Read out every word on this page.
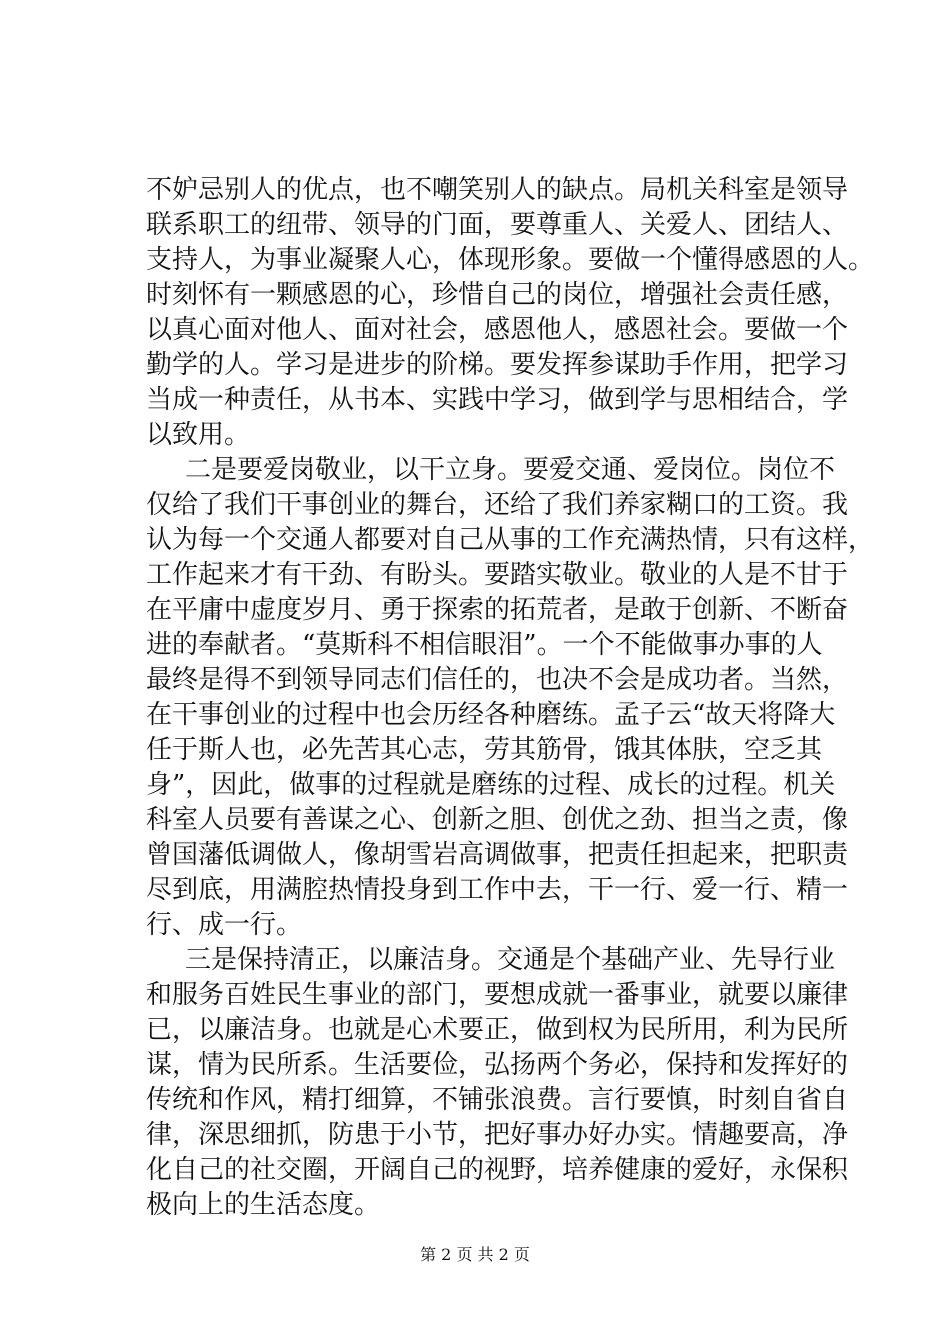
不妒忌别人的优点，也不嘲笑别人的缺点。局机关科室是领导
联系职工的纽带、领导的门面，要尊重人、关爱人、团结人、
支持人，为事业凝聚人心，体现形象。要做一个懂得感恩的人。
时刻怀有一颗感恩的心，珍惜自己的岗位，增强社会责任感，
以真心面对他人、面对社会，感恩他人，感恩社会。要做一个
勤学的人。学习是进步的阶梯。要发挥参谋助手作用，把学习
当成一种责任，从书本、实践中学习，做到学与思相结合，学
以致用。
二是要爱岗敬业，以干立身。要爱交通、爱岗位。岗位不
仅给了我们干事创业的舞台，还给了我们养家糊口的工资。我
认为每一个交通人都要对自己从事的工作充满热情，只有这样，
工作起来才有干劲、有盼头。要踏实敬业。敬业的人是不甘于
在平庸中虚度岁月、勇于探索的拓荒者，是敢于创新、不断奋
进的奉献者。“莫斯科不相信眼泪”。一个不能做事办事的人
最终是得不到领导同志们信任的，也决不会是成功者。当然，
在干事创业的过程中也会历经各种磨练。孟子云“故天将降大
任于斯人也，必先苦其心志，劳其筋骨，饿其体肤，空乏其
身”，因此，做事的过程就是磨练的过程、成长的过程。机关
科室人员要有善谋之心、创新之胆、创优之劲、担当之责，像
曾国藩低调做人，像胡雪岩高调做事，把责任担起来，把职责
尽到底，用满腔热情投身到工作中去，干一行、爱一行、精一
行、成一行。
三是保持清正，以廉洁身。交通是个基础产业、先导行业
和服务百姓民生事业的部门，要想成就一番事业，就要以廉律
已，以廉洁身。也就是心术要正，做到权为民所用，利为民所
谋，情为民所系。生活要俭，弘扬两个务必，保持和发挥好的
传统和作风，精打细算，不铺张浪费。言行要慎，时刻自省自
律，深思细抓，防患于小节，把好事办好办实。情趣要高，净
化自己的社交圈，开阔自己的视野，培养健康的爱好，永保积
极向上的生活态度。
第 2 页 共 2 页
